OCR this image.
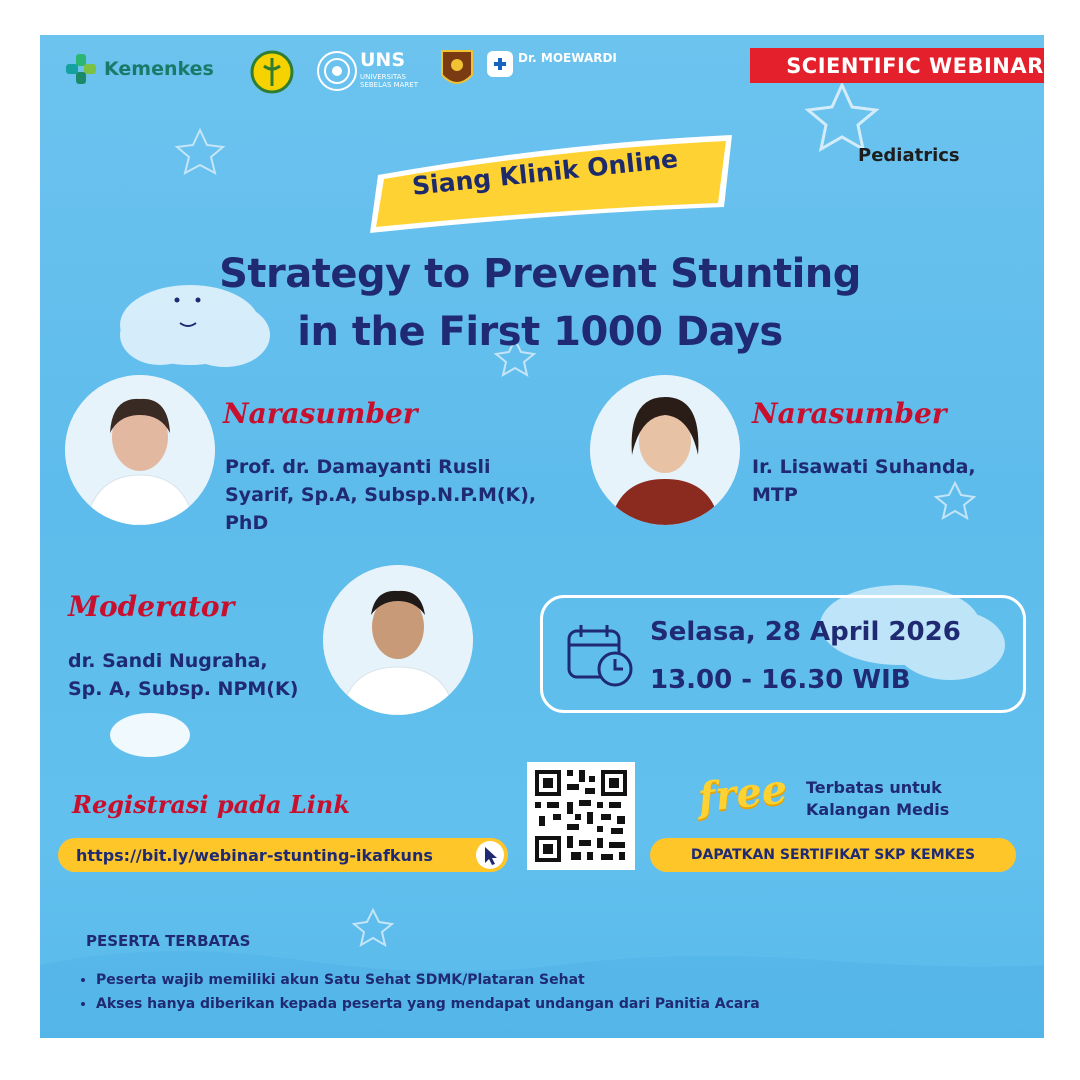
Kemenkes	UNS
UNIVERSITAS SEBELAS MARET
Dr. MOEWARDI	SCIENTIFIC WEBINAR
Pediatrics
Siang Klinik Online
Strategy to Prevent Stunting
in the First 1000 Days
Narasumber
Prof. dr. Damayanti Rusli
Syarif, Sp.A, Subsp.N.P.M(K),
PhD
Narasumber
Ir. Lisawati Suhanda,
MTP
Moderator
dr. Sandi Nugraha,
Sp. A, Subsp. NPM(K)
Selasa, 28 April 2026
13.00 - 16.30 WIB
Registrasi pada Link
https://bit.ly/webinar-stunting-ikafkuns
free Terbatas untuk
Kalangan Medis
DAPATKAN SERTIFIKAT SKP KEMKES
PESERTA TERBATAS
• Peserta wajib memiliki akun Satu Sehat SDMK/Plataran Sehat
• Akses hanya diberikan kepada peserta yang mendapat undangan dari Panitia Acara
